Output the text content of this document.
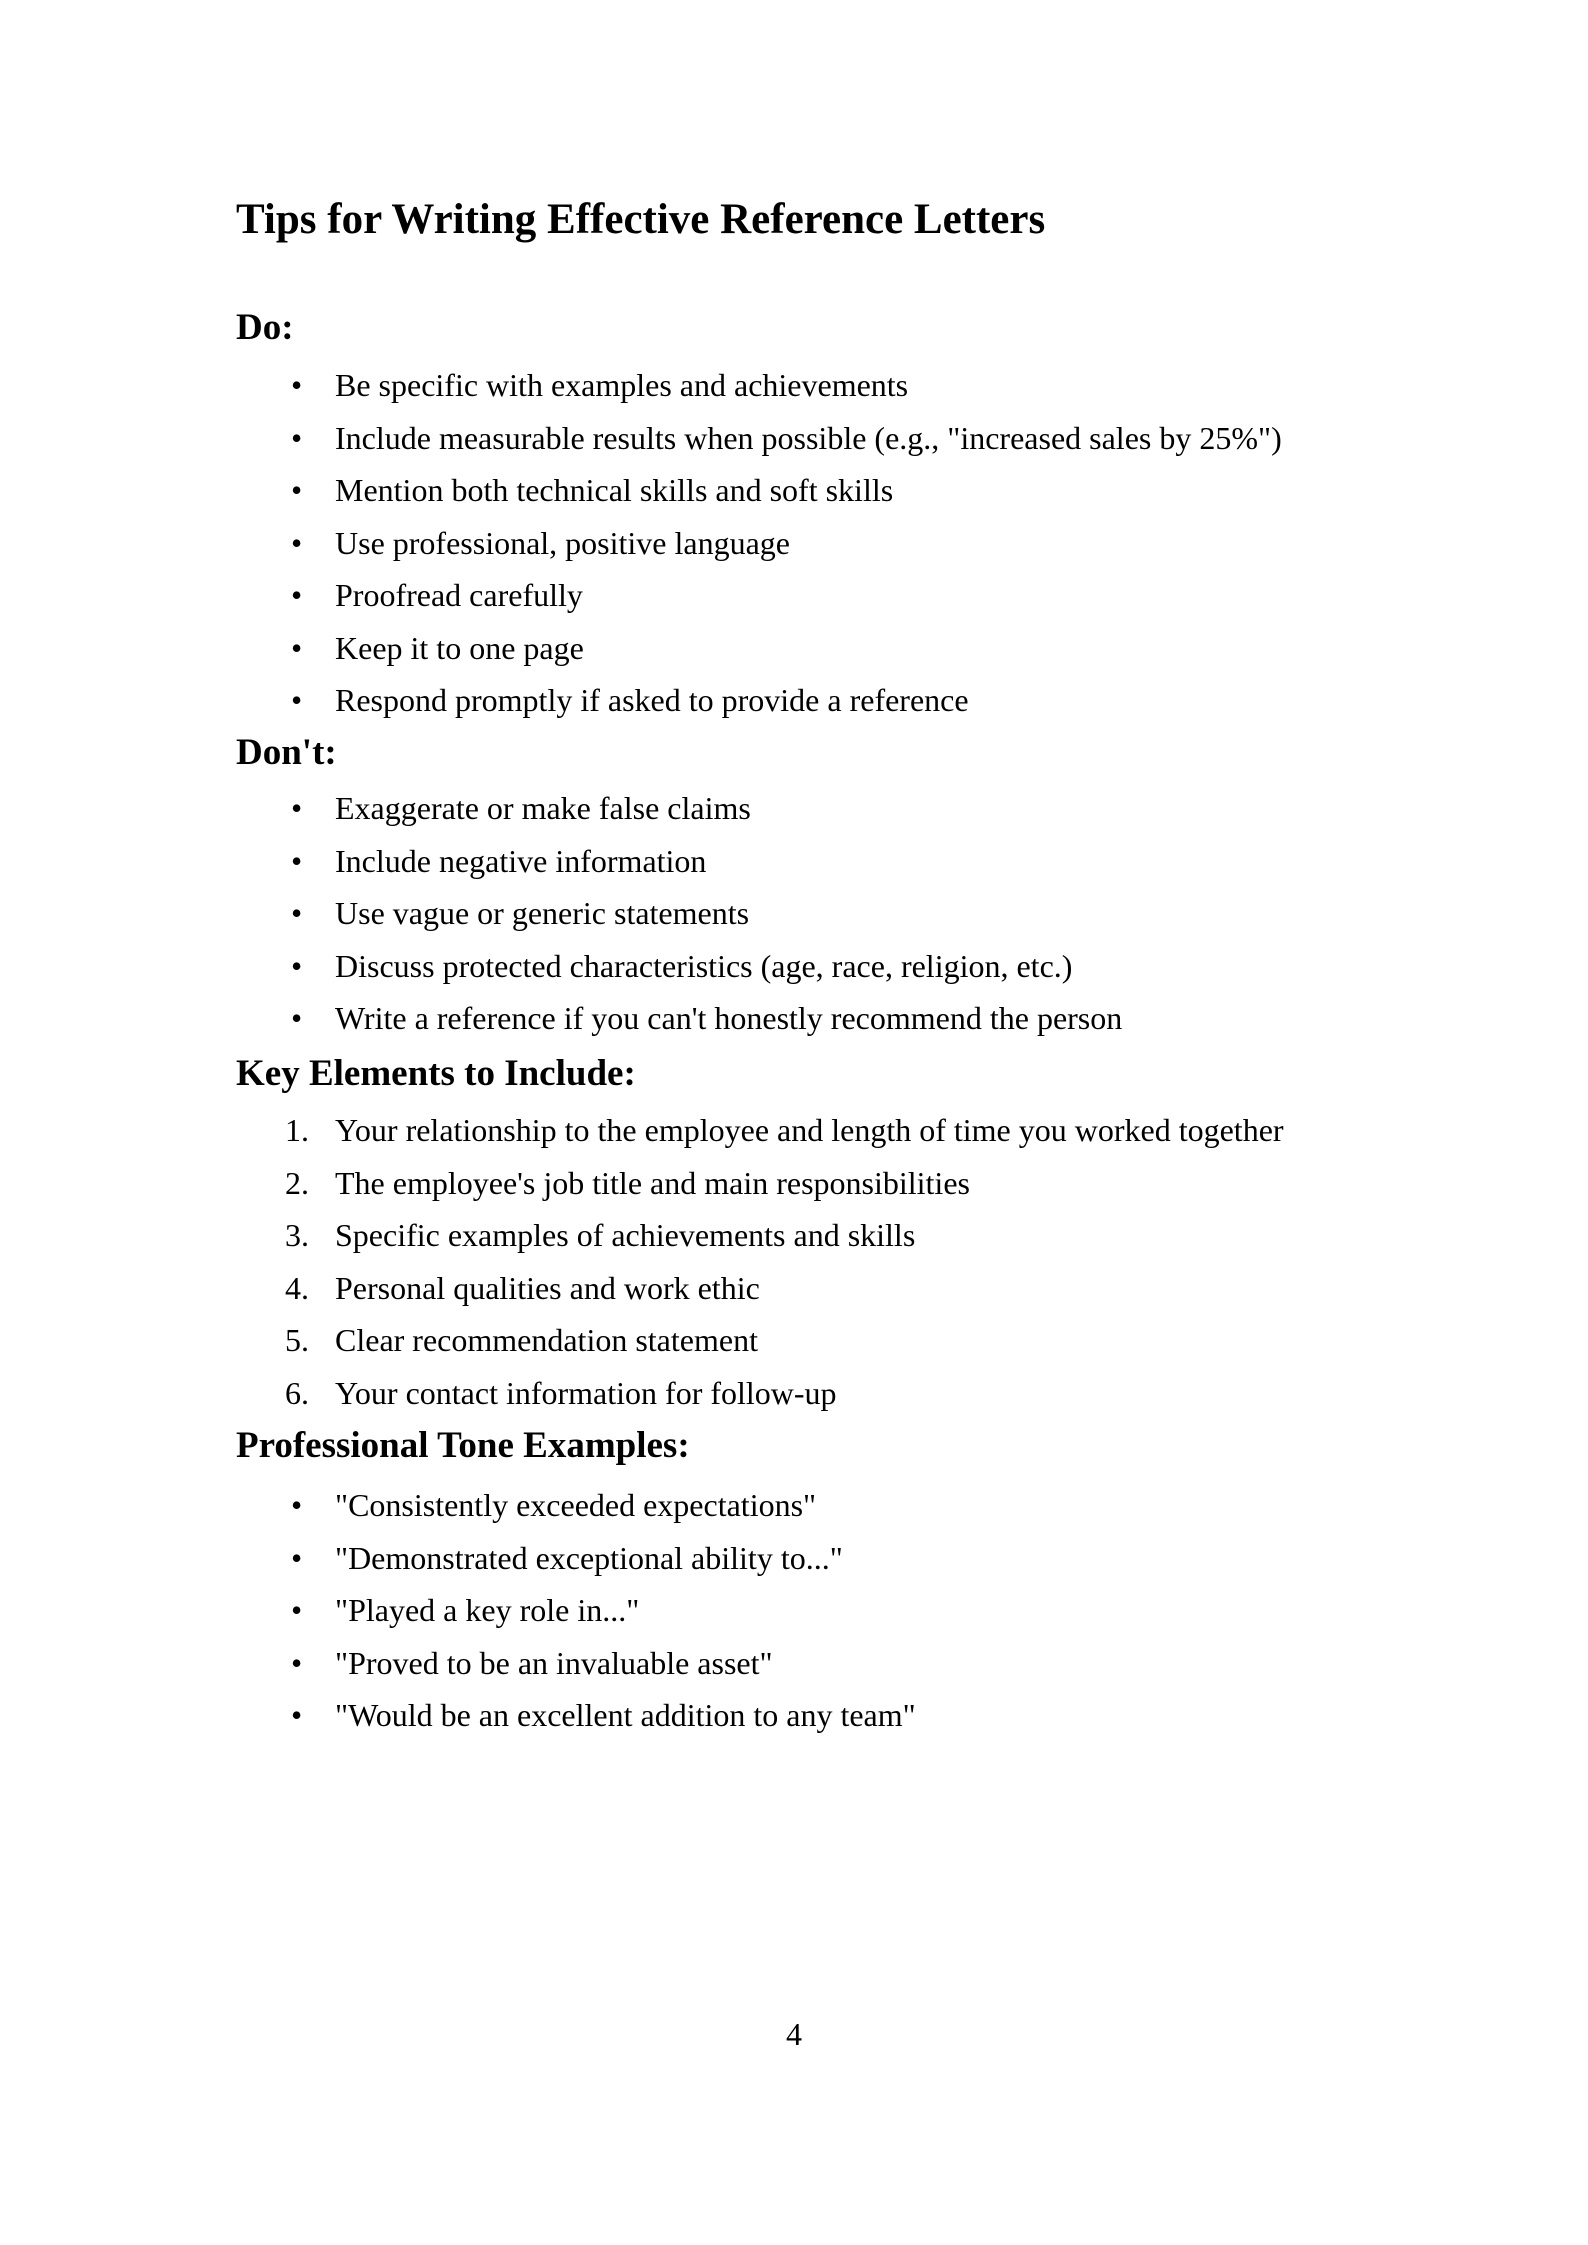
Tips for Writing Effective Reference Letters
Do:
• Be specific with examples and achievements
• Include measurable results when possible (e.g., "increased sales by 25%")
• Mention both technical skills and soft skills
• Use professional, positive language
• Proofread carefully
• Keep it to one page
• Respond promptly if asked to provide a reference
Don't:
• Exaggerate or make false claims
• Include negative information
• Use vague or generic statements
• Discuss protected characteristics (age, race, religion, etc.)
• Write a reference if you can't honestly recommend the person
Key Elements to Include:
1. Your relationship to the employee and length of time you worked together
2. The employee's job title and main responsibilities
3. Specific examples of achievements and skills
4. Personal qualities and work ethic
5. Clear recommendation statement
6. Your contact information for follow-up
Professional Tone Examples:
• "Consistently exceeded expectations"
• "Demonstrated exceptional ability to..."
• "Played a key role in..."
• "Proved to be an invaluable asset"
• "Would be an excellent addition to any team"
4
